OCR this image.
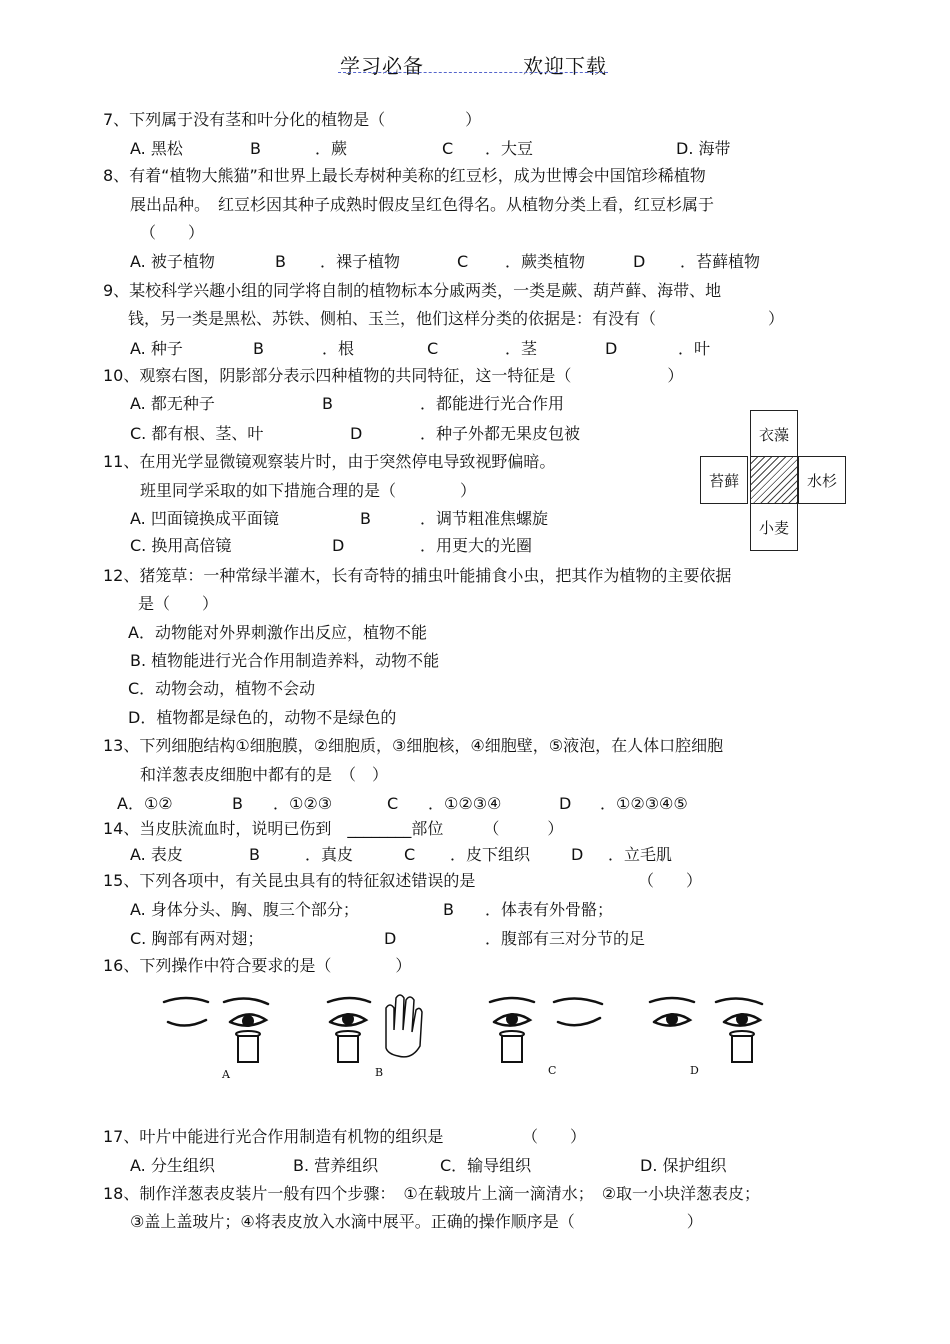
学习必备	欢迎下载
7、下列属于没有茎和叶分化的植物是（　　　　　）
A. 黑松	B	．蕨	C ．大豆	D. 海带
8、有着“植物大熊猫”和世界上最长寿树种美称的红豆杉，成为世博会中国馆珍稀植物
展出品种。　红豆杉因其种子成熟时假皮呈红色得名。从植物分类上看，红豆杉属于
（　　）
A. 被子植物	B ．裸子植物	C ．蕨类植物	D ．苔藓植物
9、某校科学兴趣小组的同学将自制的植物标本分戚两类，一类是蕨、葫芦藓、海带、地
钱，另一类是黑松、苏铁、侧柏、玉兰，他们这样分类的依据是：有没有（　　　　　　　）
A. 种子	B	．根	C	．茎	D	．叶
10、观察右图，阴影部分表示四种植物的共同特征，这一特征是（　　　　　　）
A. 都无种子	B	．都能进行光合作用
C. 都有根、茎、叶	D	．种子外都无果皮包被
11、在用光学显微镜观察装片时，由于突然停电导致视野偏暗。
班里同学采取的如下措施合理的是（　　　　）
A. 凹面镜换成平面镜	B	．调节粗准焦螺旋
C. 换用高倍镜	D	．用更大的光圈
12、猪笼草：一种常绿半灌木，长有奇特的捕虫叶能捕食小虫，把其作为植物的主要依据
是（　　）
A．动物能对外界刺激作出反应，植物不能
B. 植物能进行光合作用制造养料，动物不能
C．动物会动，植物不会动
D．植物都是绿色的，动物不是绿色的
13、下列细胞结构①细胞膜，②细胞质，③细胞核，④细胞壁，⑤液泡，在人体口腔细胞
和洋葱表皮细胞中都有的是　（　）
A．①②	B ．①②③	C ．①②③④	D ．①②③④⑤
14、当皮肤流血时，说明已伤到　________部位　　　（　　　）
A. 表皮	B	．真皮	C ．皮下组织	D ．立毛肌
15、下列各项中，有关昆虫具有的特征叙述错误的是	（　　）
A. 身体分头、胸、腹三个部分；	B ．体表有外骨骼；
C. 胸部有两对翅；	D	．腹部有三对分节的足
16、下列操作中符合要求的是（　　　　）
17、叶片中能进行光合作用制造有机物的组织是	（　　）
A. 分生组织	B. 营养组织	C．输导组织	D. 保护组织
18、制作洋葱表皮装片一般有四个步骤：　①在载玻片上滴一滴清水；　②取一小块洋葱表皮；
③盖上盖玻片；④将表皮放入水滴中展平。正确的操作顺序是（　　　　　　　）
衣藻
苔藓	水杉
小麦
A	B	C	D
